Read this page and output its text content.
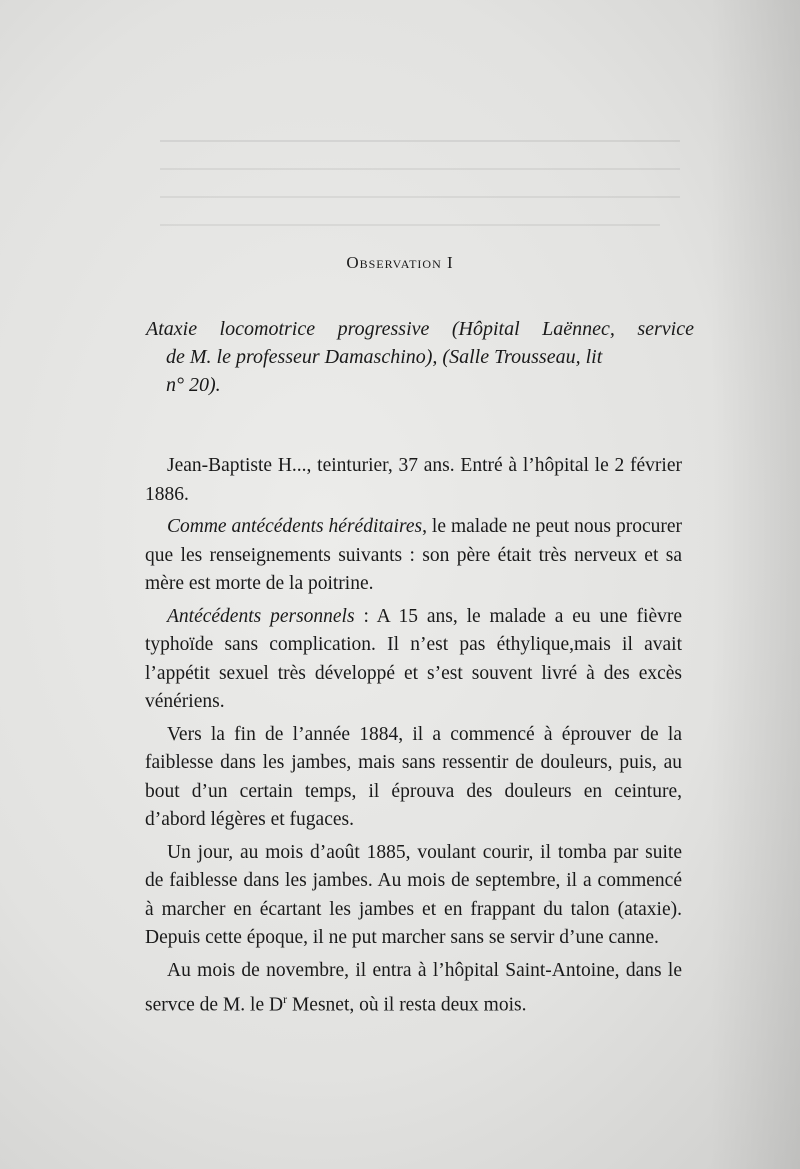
Observation I
Ataxie locomotrice progressive (Hôpital Laënnec, service
de M. le professeur Damaschino), (Salle Trousseau, lit
n° 20).

Jean-Baptiste H..., teinturier, 37 ans. Entré à l’hôpital le 2 février 1886.

Comme antécédents héréditaires, le malade ne peut nous procurer que les renseignements suivants : son père était très nerveux et sa mère est morte de la poitrine.

Antécédents personnels : A 15 ans, le malade a eu une fièvre typhoïde sans complication. Il n’est pas éthylique,mais il avait l’appétit sexuel très développé et s’est souvent livré à des excès vénériens.

Vers la fin de l’année 1884, il a commencé à éprouver de la faiblesse dans les jambes, mais sans ressentir de douleurs, puis, au bout d’un certain temps, il éprouva des douleurs en ceinture, d’abord légères et fugaces.

Un jour, au mois d’août 1885, voulant courir, il tomba par suite de faiblesse dans les jambes. Au mois de septembre, il a commencé à marcher en écartant les jambes et en frappant du talon (ataxie). Depuis cette époque, il ne put marcher sans se servir d’une canne.

Au mois de novembre, il entra à l’hôpital Saint-Antoine, dans le servce de M. le $D^r$ Mesnet, où il resta deux mois.
